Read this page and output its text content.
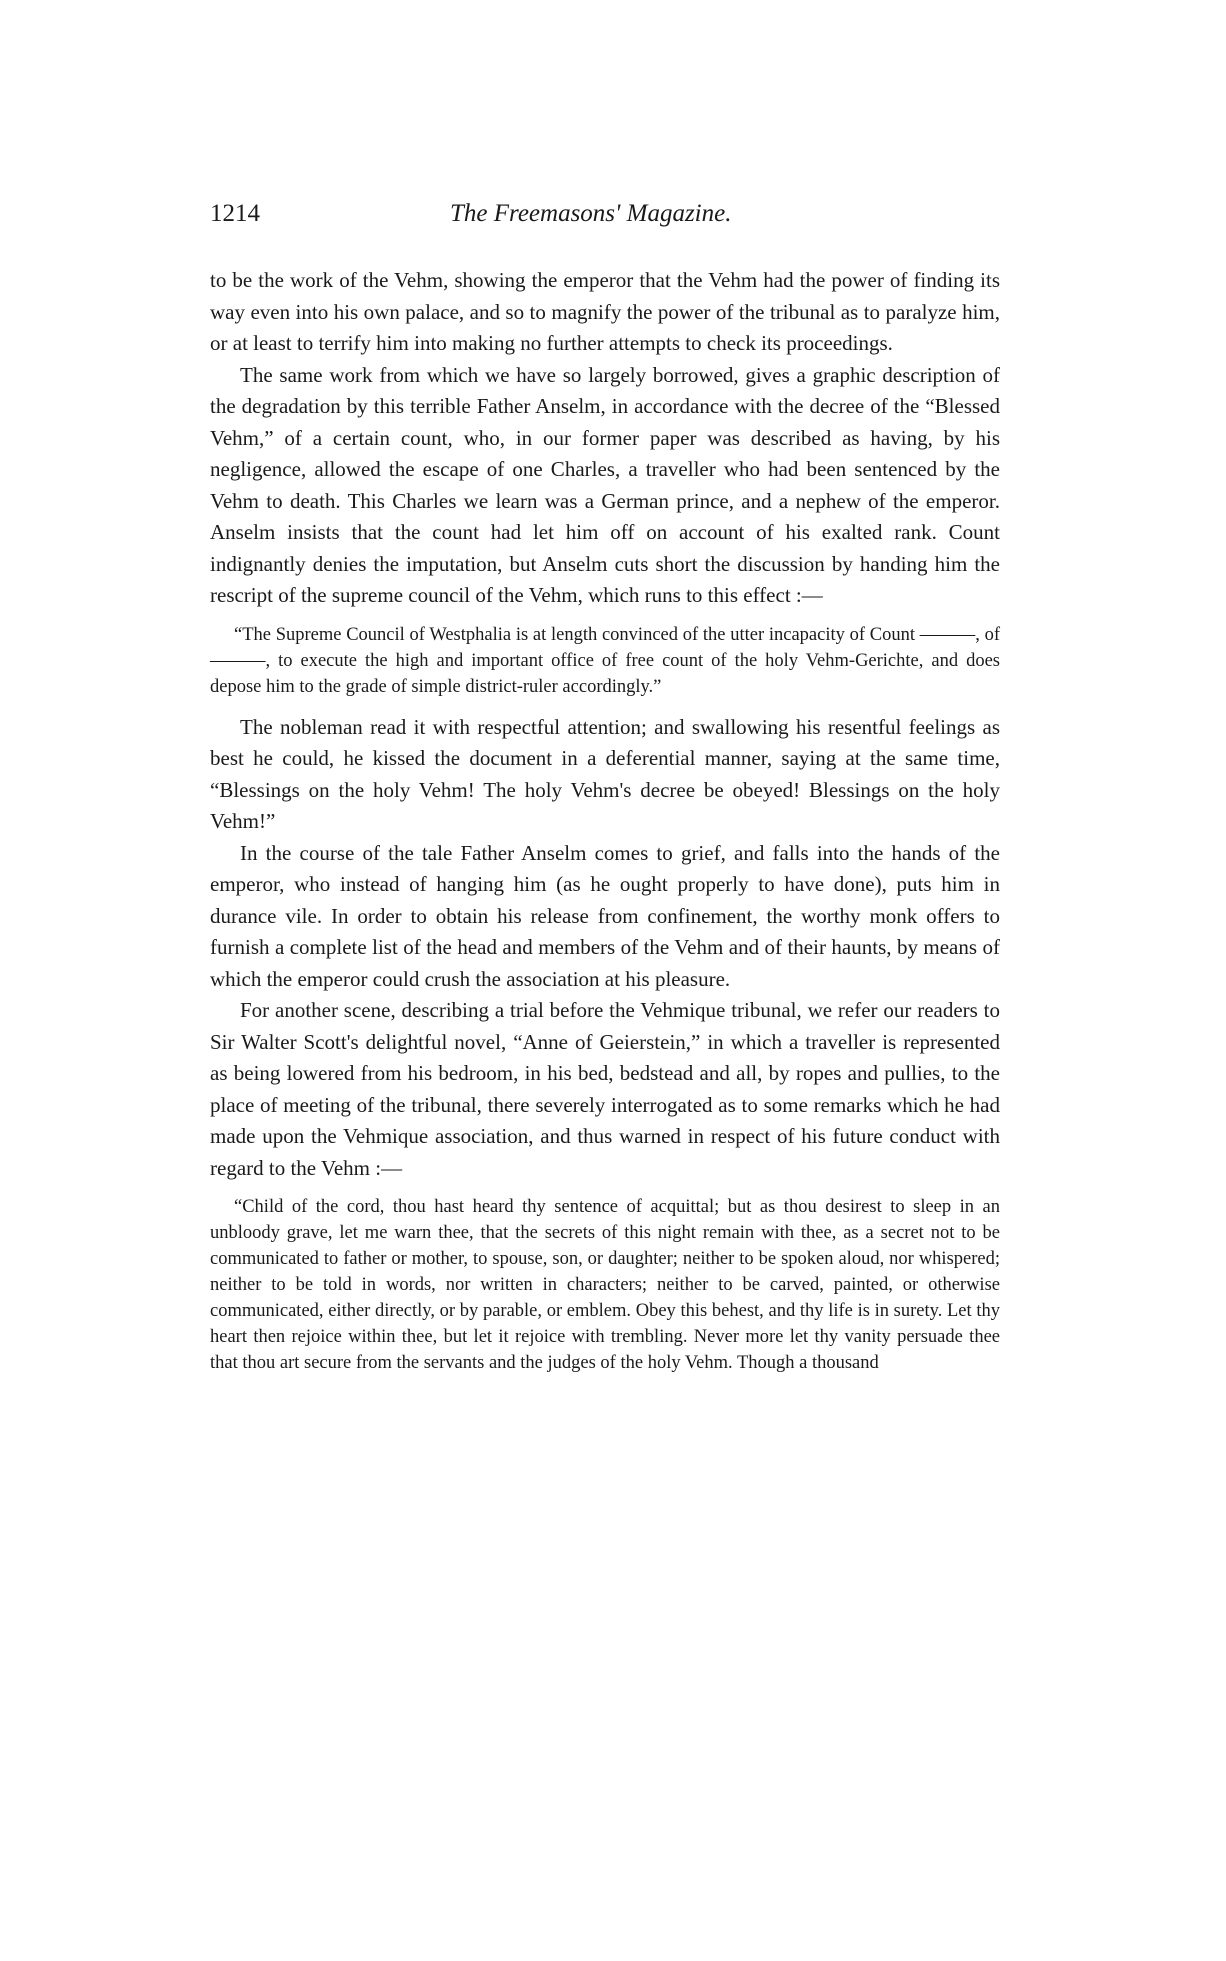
1214	The Freemasons' Magazine.

to be the work of the Vehm, showing the emperor that the Vehm had the power of finding its way even into his own palace, and so to magnify the power of the tribunal as to paralyze him, or at least to terrify him into making no further attempts to check its proceedings.

The same work from which we have so largely borrowed, gives a graphic description of the degradation by this terrible Father Anselm, in accordance with the decree of the “Blessed Vehm,” of a certain count, who, in our former paper was described as having, by his negligence, allowed the escape of one Charles, a traveller who had been sentenced by the Vehm to death. This Charles we learn was a German prince, and a nephew of the emperor. Anselm insists that the count had let him off on account of his exalted rank. Count indignantly denies the imputation, but Anselm cuts short the discussion by handing him the rescript of the supreme council of the Vehm, which runs to this effect :—

“The Supreme Council of Westphalia is at length convinced of the utter incapacity of Count ———, of ———, to execute the high and important office of free count of the holy Vehm-Gerichte, and does depose him to the grade of simple district-ruler accordingly.”

The nobleman read it with respectful attention; and swallowing his resentful feelings as best he could, he kissed the document in a deferential manner, saying at the same time, “Blessings on the holy Vehm! The holy Vehm's decree be obeyed! Blessings on the holy Vehm!”

In the course of the tale Father Anselm comes to grief, and falls into the hands of the emperor, who instead of hanging him (as he ought properly to have done), puts him in durance vile. In order to obtain his release from confinement, the worthy monk offers to furnish a complete list of the head and members of the Vehm and of their haunts, by means of which the emperor could crush the association at his pleasure.

For another scene, describing a trial before the Vehmique tribunal, we refer our readers to Sir Walter Scott's delightful novel, “Anne of Geierstein,” in which a traveller is represented as being lowered from his bedroom, in his bed, bedstead and all, by ropes and pullies, to the place of meeting of the tribunal, there severely interrogated as to some remarks which he had made upon the Vehmique association, and thus warned in respect of his future conduct with regard to the Vehm :—

“Child of the cord, thou hast heard thy sentence of acquittal; but as thou desirest to sleep in an unbloody grave, let me warn thee, that the secrets of this night remain with thee, as a secret not to be communicated to father or mother, to spouse, son, or daughter; neither to be spoken aloud, nor whispered; neither to be told in words, nor written in characters; neither to be carved, painted, or otherwise communicated, either directly, or by parable, or emblem. Obey this behest, and thy life is in surety. Let thy heart then rejoice within thee, but let it rejoice with trembling. Never more let thy vanity persuade thee that thou art secure from the servants and the judges of the holy Vehm. Though a thousand
